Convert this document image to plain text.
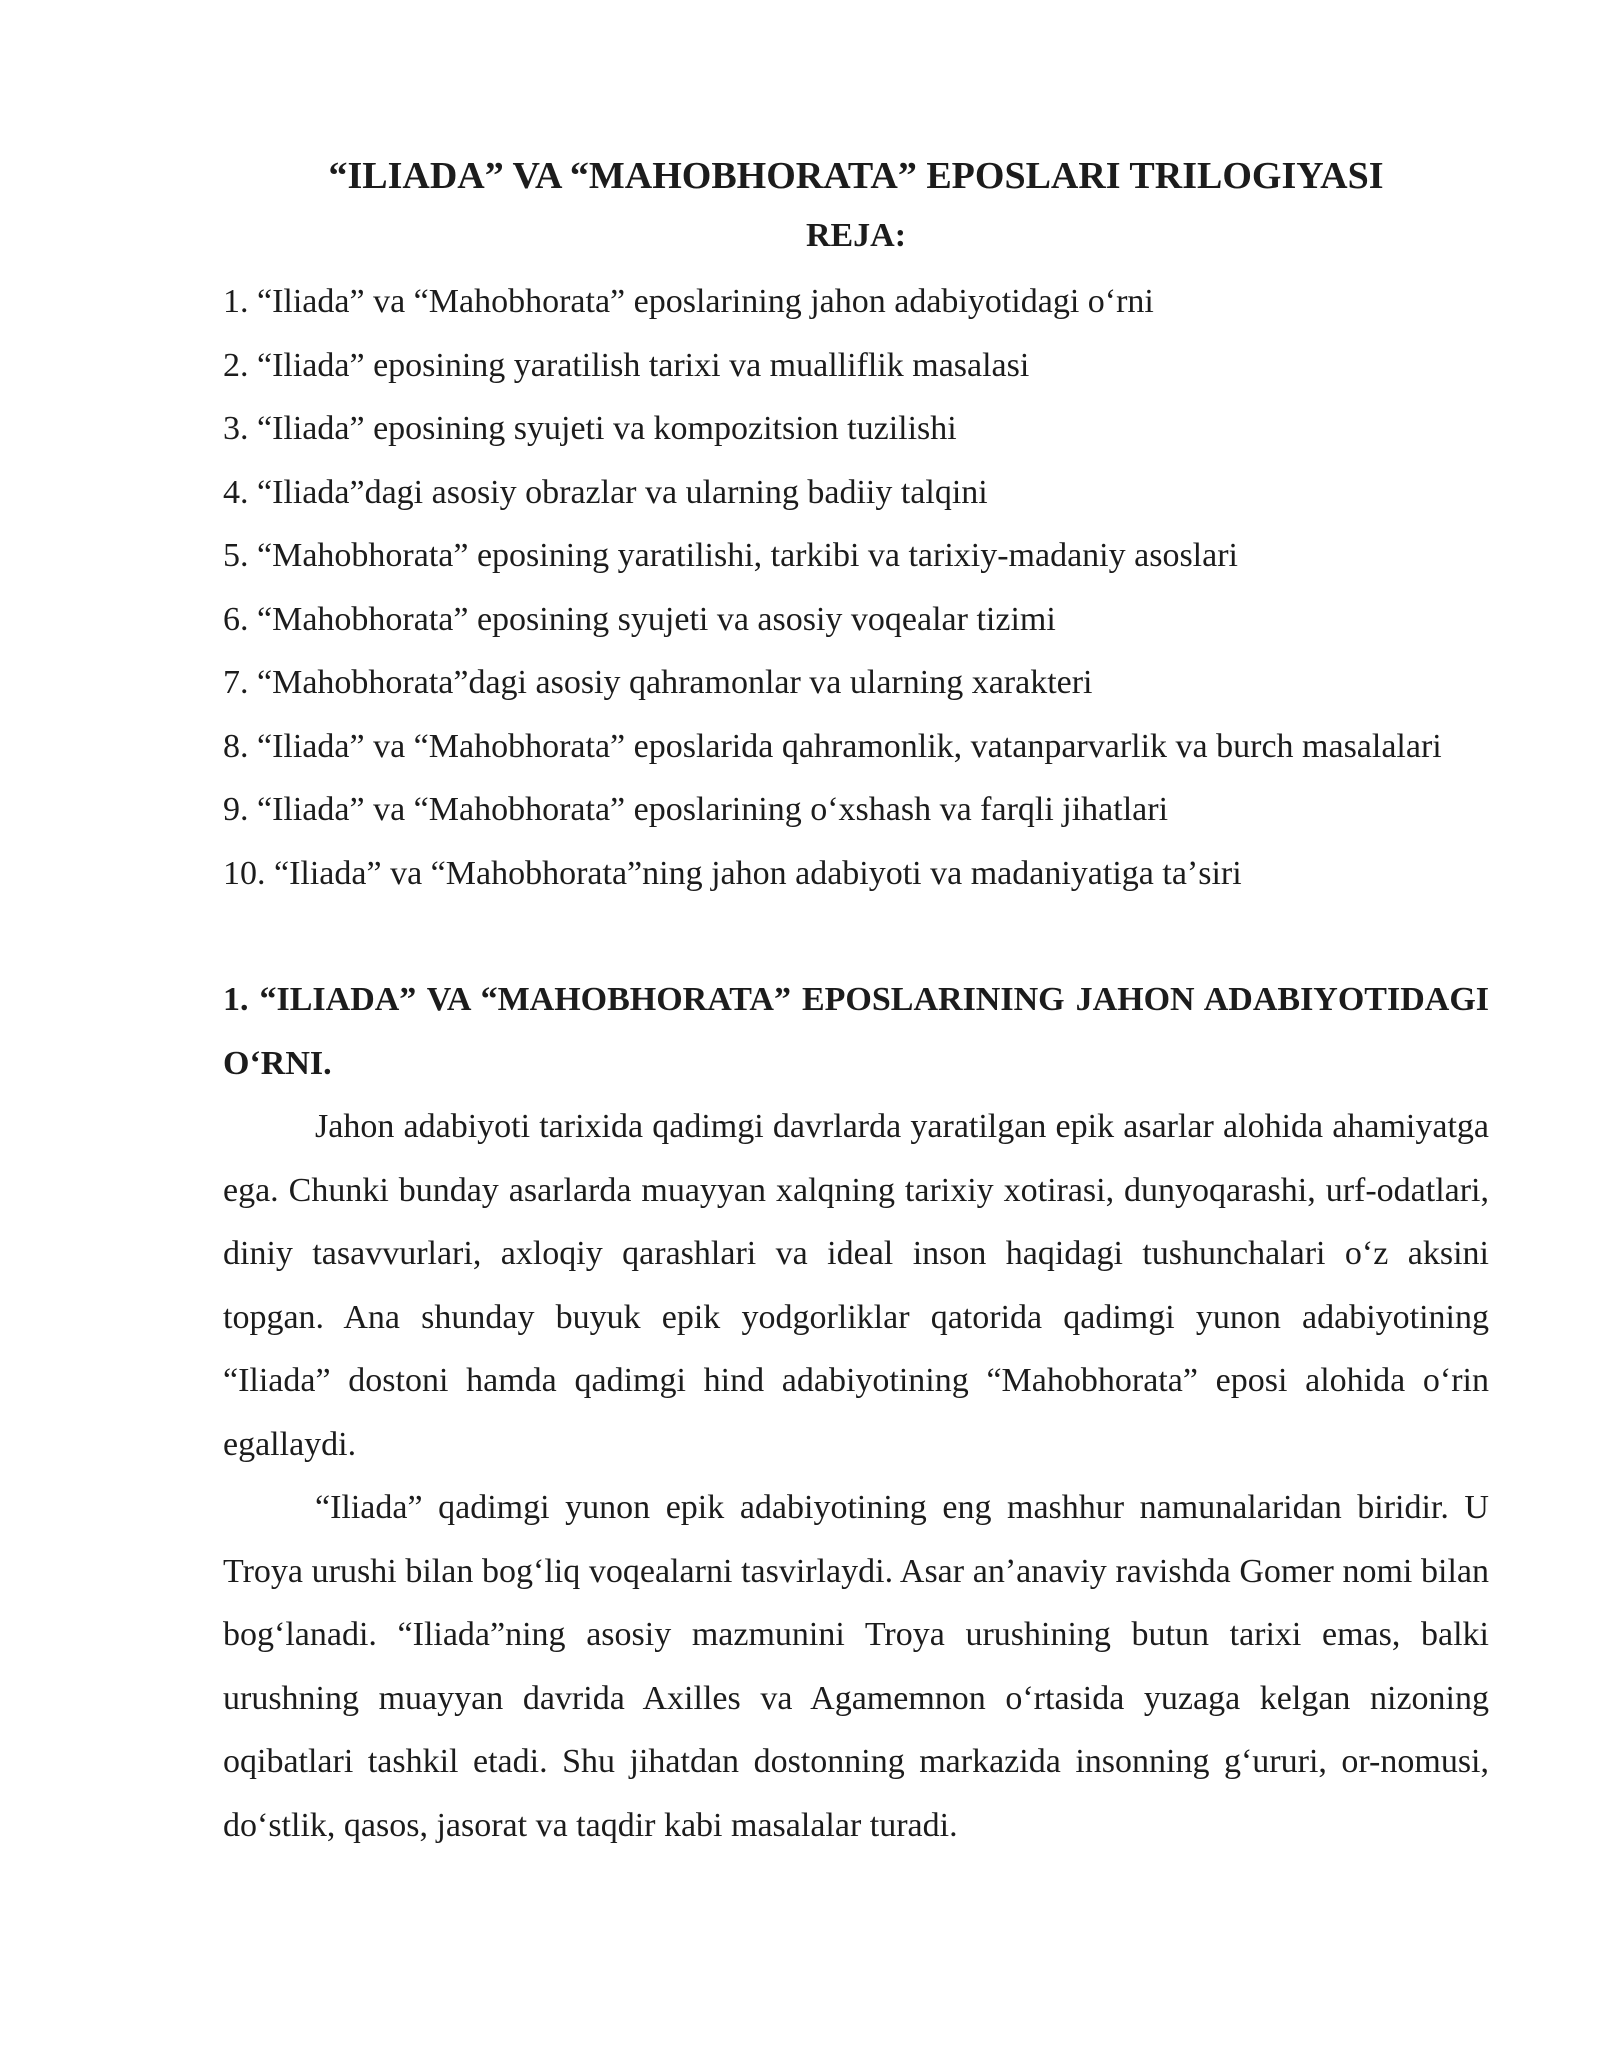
“ILIADA” VA “MAHOBHORATA” EPOSLARI TRILOGIYASI
REJA:
1. “Iliada” va “Mahobhorata” eposlarining jahon adabiyotidagi oʻrni
2. “Iliada” eposining yaratilish tarixi va mualliflik masalasi
3. “Iliada” eposining syujeti va kompozitsion tuzilishi
4. “Iliada”dagi asosiy obrazlar va ularning badiiy talqini
5. “Mahobhorata” eposining yaratilishi, tarkibi va tarixiy-madaniy asoslari
6. “Mahobhorata” eposining syujeti va asosiy voqealar tizimi
7. “Mahobhorata”dagi asosiy qahramonlar va ularning xarakteri
8. “Iliada” va “Mahobhorata” eposlarida qahramonlik, vatanparvarlik va burch masalalari
9. “Iliada” va “Mahobhorata” eposlarining oʻxshash va farqli jihatlari
10. “Iliada” va “Mahobhorata”ning jahon adabiyoti va madaniyatiga taʼsiri
1. “ILIADA” VA “MAHOBHORATA” EPOSLARINING JAHON ADABIYOTIDAGI OʻRNI.

Jahon adabiyoti tarixida qadimgi davrlarda yaratilgan epik asarlar alohida ahamiyatga ega. Chunki bunday asarlarda muayyan xalqning tarixiy xotirasi, dunyoqarashi, urf-odatlari, diniy tasavvurlari, axloqiy qarashlari va ideal inson haqidagi tushunchalari oʻz aksini topgan. Ana shunday buyuk epik yodgorliklar qatorida qadimgi yunon adabiyotining “Iliada” dostoni hamda qadimgi hind adabiyotining “Mahobhorata” eposi alohida oʻrin egallaydi.

“Iliada” qadimgi yunon epik adabiyotining eng mashhur namunalaridan biridir. U Troya urushi bilan bogʻliq voqealarni tasvirlaydi. Asar anʼanaviy ravishda Gomer nomi bilan bogʻlanadi. “Iliada”ning asosiy mazmunini Troya urushining butun tarixi emas, balki urushning muayyan davrida Axilles va Agamemnon oʻrtasida yuzaga kelgan nizoning oqibatlari tashkil etadi. Shu jihatdan dostonning markazida insonning gʻururi, or-nomusi, doʻstlik, qasos, jasorat va taqdir kabi masalalar turadi.
